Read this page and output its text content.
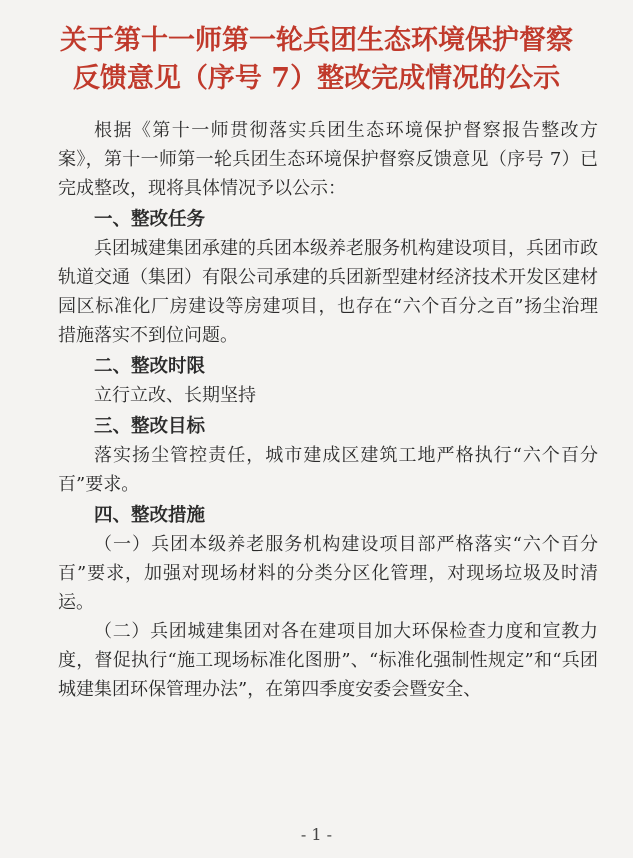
关于第十一师第一轮兵团生态环境保护督察
反馈意见（序号 7）整改完成情况的公示

根据《第十一师贯彻落实兵团生态环境保护督察报告整改方案》，第十一师第一轮兵团生态环境保护督察反馈意见（序号 7）已完成整改，现将具体情况予以公示：

一、整改任务

兵团城建集团承建的兵团本级养老服务机构建设项目，兵团市政轨道交通（集团）有限公司承建的兵团新型建材经济技术开发区建材园区标准化厂房建设等房建项目，也存在“六个百分之百”扬尘治理措施落实不到位问题。

二、整改时限

立行立改、长期坚持

三、整改目标

落实扬尘管控责任，城市建成区建筑工地严格执行“六个百分百”要求。

四、整改措施

（一）兵团本级养老服务机构建设项目部严格落实“六个百分百”要求，加强对现场材料的分类分区化管理，对现场垃圾及时清运。

（二）兵团城建集团对各在建项目加大环保检查力度和宣教力度，督促执行“施工现场标准化图册”、“标准化强制性规定”和“兵团城建集团环保管理办法”，在第四季度安委会暨安全、

- 1 -
